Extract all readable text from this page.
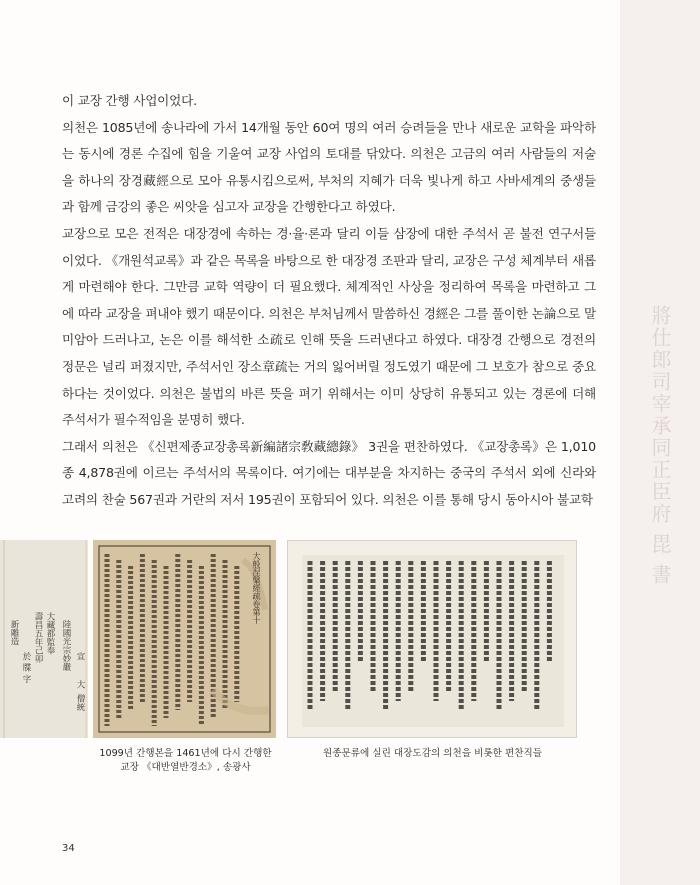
將仕郎司宰承同正臣府 毘 書

이 교장 간행 사업이었다.

의천은 1085년에 송나라에 가서 14개월 동안 60여 명의 여러 승려들을 만나 새로운 교학을 파악하는 동시에 경론 수집에 힘을 기울여 교장 사업의 토대를 닦았다. 의천은 고금의 여러 사람들의 저술을 하나의 장경藏經으로 모아 유통시킴으로써, 부처의 지혜가 더욱 빛나게 하고 사바세계의 중생들과 함께 금강의 좋은 씨앗을 심고자 교장을 간행한다고 하였다.

교장으로 모은 전적은 대장경에 속하는 경·율·론과 달리 이들 삼장에 대한 주석서 곧 불전 연구서들이었다. 《개원석교록》과 같은 목록을 바탕으로 한 대장경 조판과 달리, 교장은 구성 체계부터 새롭게 마련해야 한다. 그만큼 교학 역량이 더 필요했다. 체계적인 사상을 정리하여 목록을 마련하고 그에 따라 교장을 펴내야 했기 때문이다. 의천은 부처님께서 말씀하신 경經은 그를 풀이한 논論으로 말미암아 드러나고, 논은 이를 해석한 소疏로 인해 뜻을 드러낸다고 하였다. 대장경 간행으로 경전의 정문은 널리 퍼졌지만, 주석서인 장소章疏는 거의 잃어버릴 정도였기 때문에 그 보호가 참으로 중요하다는 것이었다. 의천은 불법의 바른 뜻을 펴기 위해서는 이미 상당히 유통되고 있는 경론에 더해 주석서가 필수적임을 분명히 했다.

그래서 의천은 《신편제종교장총록新編諸宗敎藏總錄》 3권을 편찬하였다. 《교장총록》은 1,010종 4,878권에 이르는 주석서의 목록이다. 여기에는 대부분을 차지하는 중국의 주석서 외에 신라와 고려의 찬술 567권과 거란의 저서 195권이 포함되어 있다. 의천은 이를 통해 당시 동아시아 불교학

陸國光宗妙嚴
新雕造 壽昌五年己卯 大藏都監奉
於 牒 字	宣
大
僧統
大般涅槃經疏卷第十
1099년 간행본을 1461년에 다시 간행한
교장 《대반열반경소》, 송광사
원종문류에 실린 대장도감의 의천을 비롯한 편찬직들
34
